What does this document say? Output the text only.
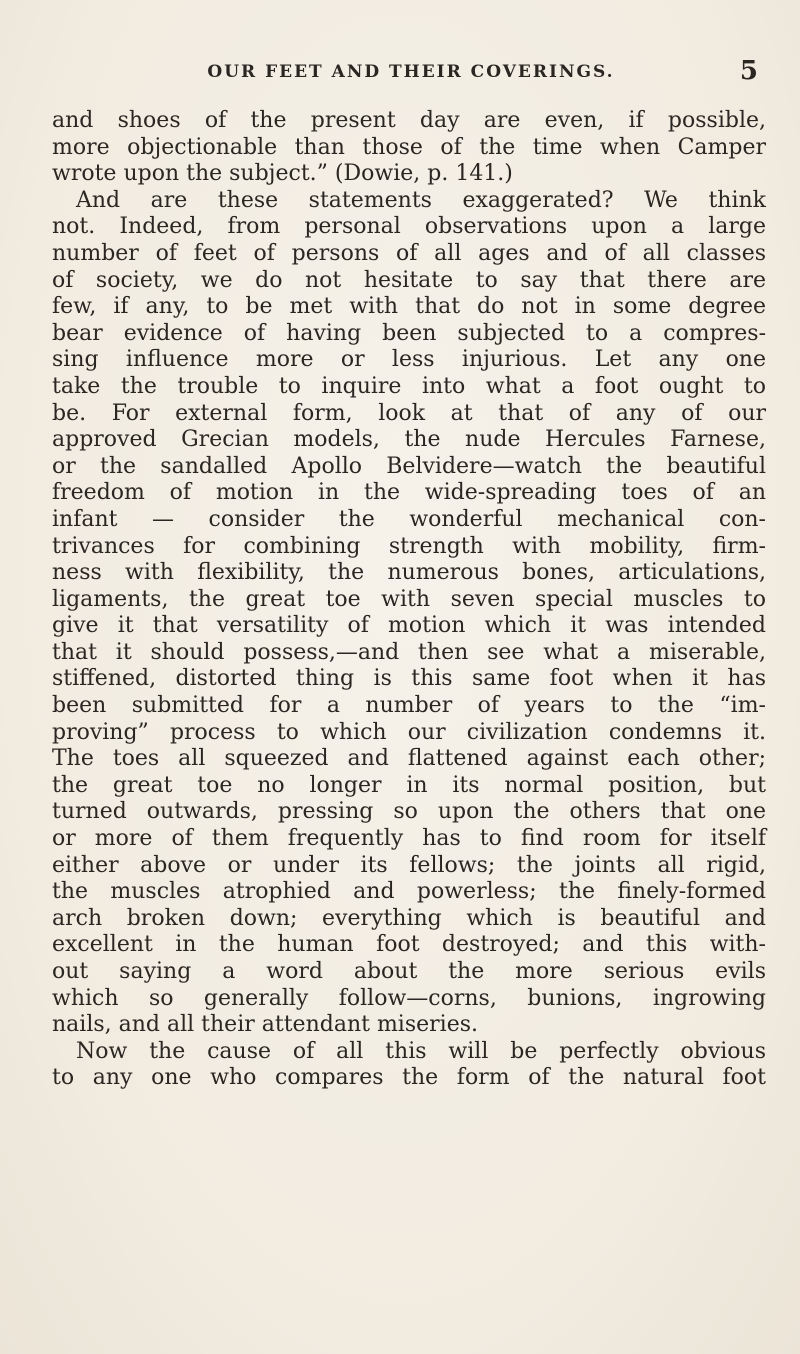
OUR FEET AND THEIR COVERINGS.	5
and shoes of the present day are even, if possible,
more objectionable than those of the time when Camper
wrote upon the subject.” (Dowie, p. 141.)
And are these statements exaggerated? We think
not. Indeed, from personal observations upon a large
number of feet of persons of all ages and of all classes
of society, we do not hesitate to say that there are
few, if any, to be met with that do not in some degree
bear evidence of having been subjected to a compres-
sing influence more or less injurious. Let any one
take the trouble to inquire into what a foot ought to
be. For external form, look at that of any of our
approved Grecian models, the nude Hercules Farnese,
or the sandalled Apollo Belvidere—watch the beautiful
freedom of motion in the wide-spreading toes of an
infant — consider the wonderful mechanical con-
trivances for combining strength with mobility, firm-
ness with flexibility, the numerous bones, articulations,
ligaments, the great toe with seven special muscles to
give it that versatility of motion which it was intended
that it should possess,—and then see what a miserable,
stiffened, distorted thing is this same foot when it has
been submitted for a number of years to the “im-
proving” process to which our civilization condemns it.
The toes all squeezed and flattened against each other;
the great toe no longer in its normal position, but
turned outwards, pressing so upon the others that one
or more of them frequently has to find room for itself
either above or under its fellows; the joints all rigid,
the muscles atrophied and powerless; the finely-formed
arch broken down; everything which is beautiful and
excellent in the human foot destroyed; and this with-
out saying a word about the more serious evils
which so generally follow—corns, bunions, ingrowing
nails, and all their attendant miseries.
Now the cause of all this will be perfectly obvious
to any one who compares the form of the natural foot
